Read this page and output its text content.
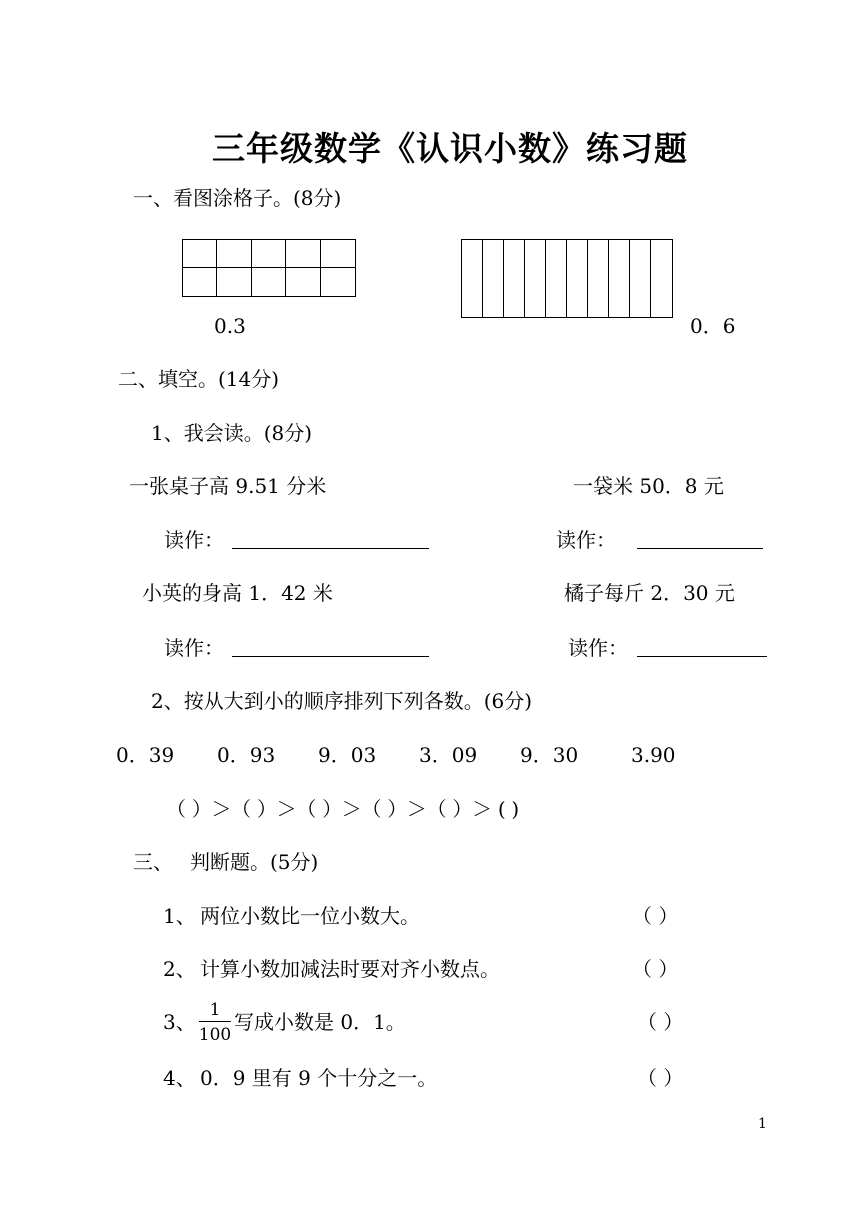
三年级数学《认识小数》练习题
一、看图涂格子。(8分)
0.3	0．6
二、填空。(14分)
1、我会读。(8分)
一张桌子高 9.51 分米	一袋米 50．8 元
读作：	读作：
小英的身高 1．42 米	橘子每斤 2．30 元
读作：	读作：
2、按从大到小的顺序排列下列各数。(6分)
0．39 0．93 9．03 3．09 9．30	3.90
（ ）＞（ ）＞（ ）＞（ ）＞（ ）＞ ( )
三、 判断题。(5分)
1、 两位小数比一位小数大。	（ ）
2、 计算小数加减法时要对齐小数点。	（ ）
3、 1
100
写成小数是 0．1。	（ ）
4、 0．9 里有 9 个十分之一。	（ ）
1
